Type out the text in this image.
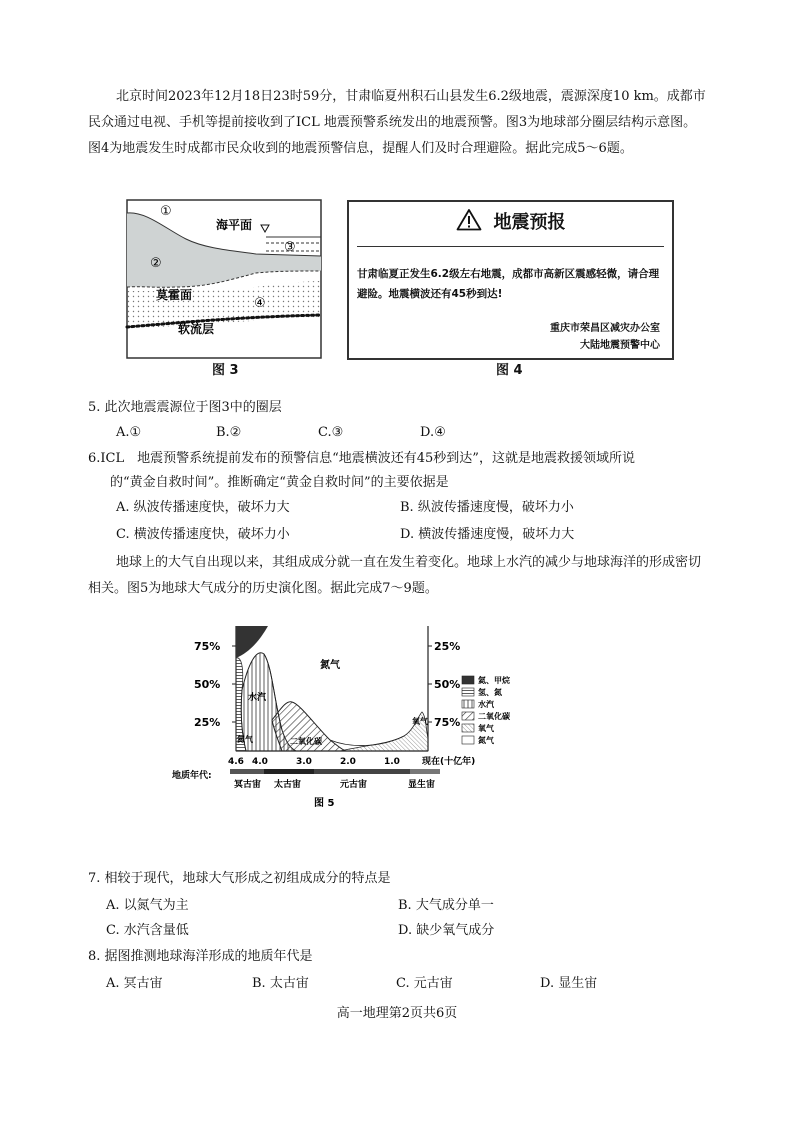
北京时间2023年12月18日23时59分，甘肃临夏州积石山县发生6.2级地震，震源深度10 km。成都市民众通过电视、手机等提前接收到了ICL 地震预警系统发出的地震预警。图3为地球部分圈层结构示意图。图4为地震发生时成都市民众收到的地震预警信息，提醒人们及时合理避险。据此完成5～6题。
①
海平面
③
②
莫霍面
④
软流层
图 3
地震预报
甘肃临夏正发生6.2级左右地震，成都市高新区震感轻微，请合理避险。地震横波还有45秒到达!
重庆市荣昌区减灾办公室
大陆地震预警中心
图 4
5. 此次地震震源位于图3中的圈层
A.①	B.②	C.③	D.④
6.ICL　地震预警系统提前发布的预警信息“地震横波还有45秒到达”，这就是地震救援领域所说
的“黄金自救时间”。推断确定“黄金自救时间”的主要依据是
A. 纵波传播速度快，破坏力大	B. 纵波传播速度慢，破坏力小
C. 横波传播速度快，破坏力小	D. 横波传播速度慢，破坏力大
地球上的大气自出现以来，其组成成分就一直在发生着变化。地球上水汽的减少与地球海洋的形成密切相关。图5为地球大气成分的历史演化图。据此完成7～9题。
75%
50%
25%
25%
50%
75%
氮气
水汽
二氧化碳
氧气
氮气
4.6 4.0	3.0	2.0	1.0 现在(十亿年)
地质年代:
冥古宙 太古宙	元古宙	显生宙
图 5
氦、甲烷
氢、氮
水汽
二氧化碳
氧气
氮气
7. 相较于现代，地球大气形成之初组成成分的特点是
A. 以氮气为主	B. 大气成分单一
C. 水汽含量低	D. 缺少氧气成分
8. 据图推测地球海洋形成的地质年代是
A. 冥古宙	B. 太古宙	C. 元古宙	D. 显生宙
高一地理第2页共6页
